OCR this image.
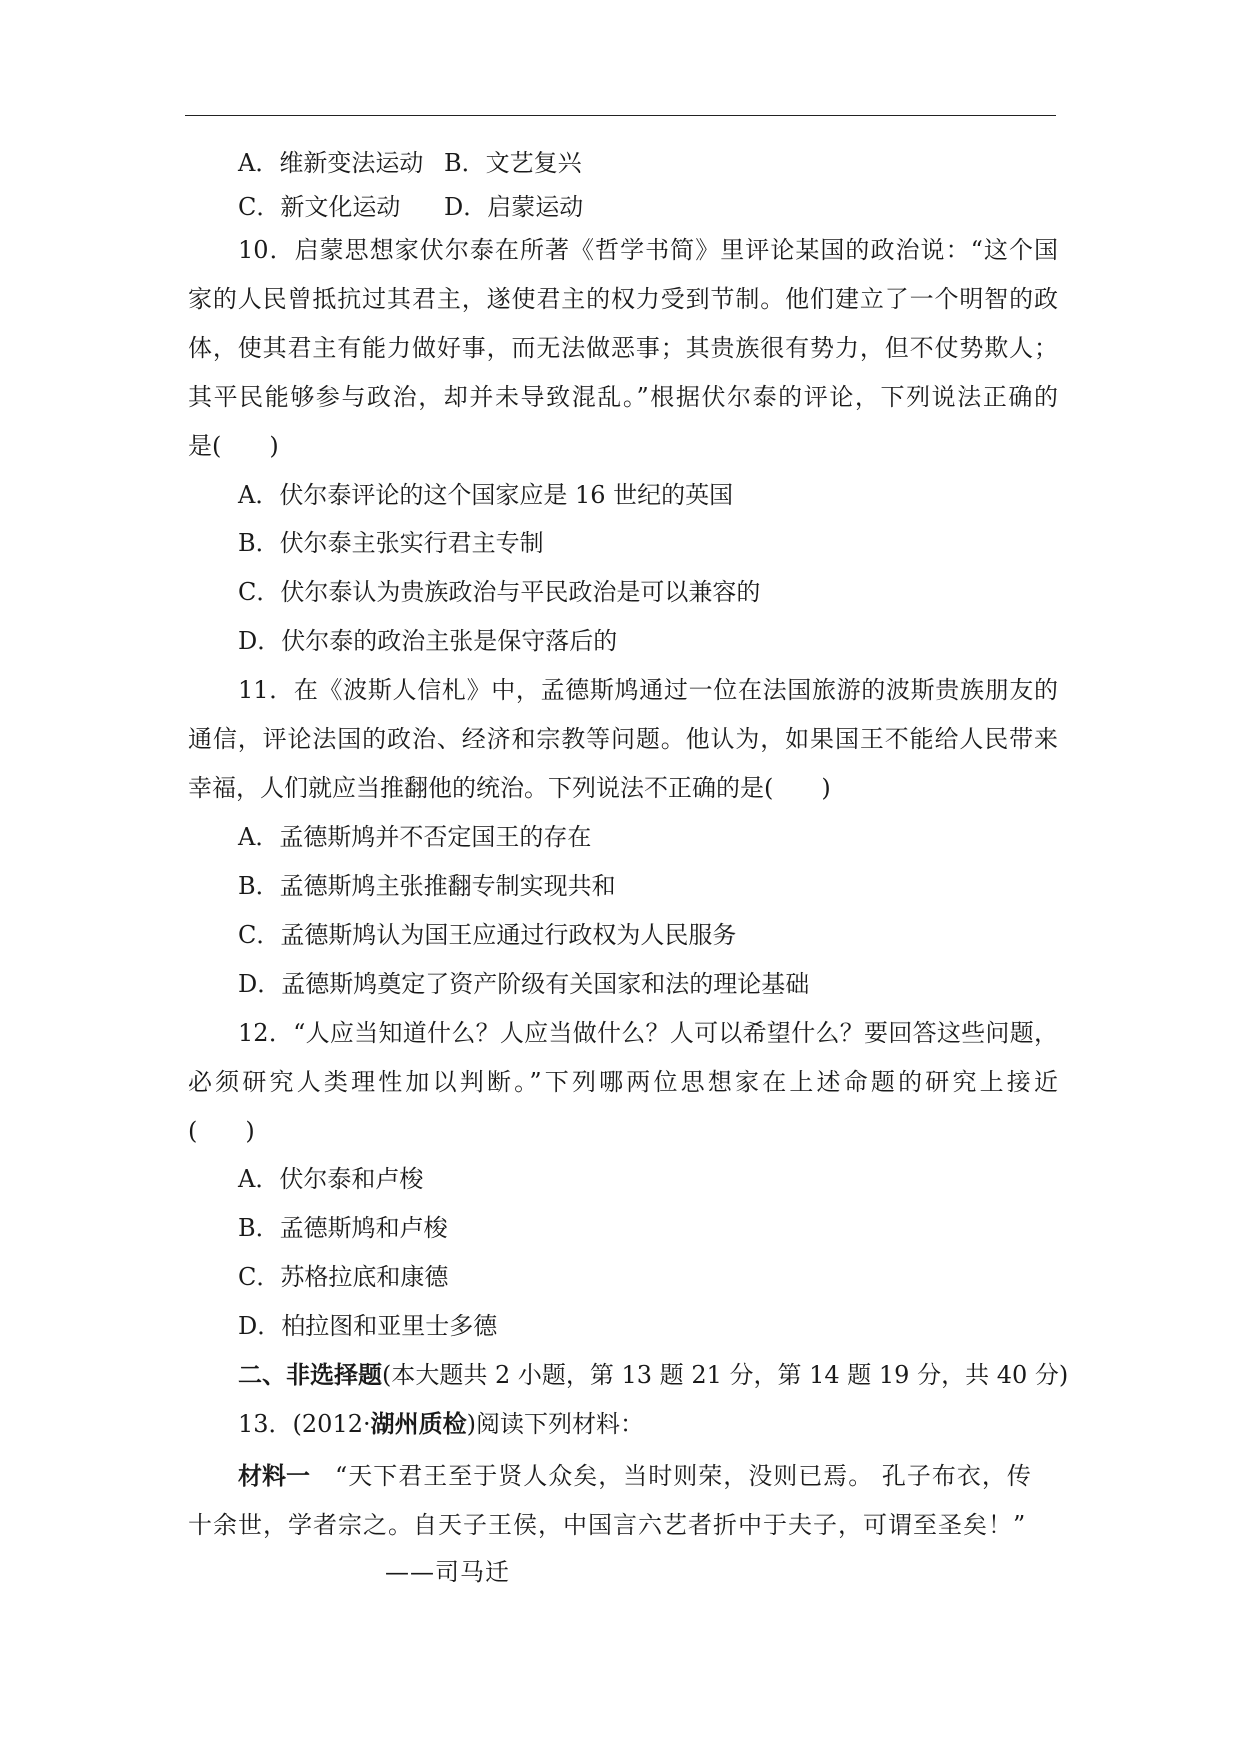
A．维新变法运动 B．文艺复兴
C．新文化运动 D．启蒙运动
10．启蒙思想家伏尔泰在所著《哲学书简》里评论某国的政治说：“这个国
家的人民曾抵抗过其君主，遂使君主的权力受到节制。他们建立了一个明智的政
体，使其君主有能力做好事，而无法做恶事；其贵族很有势力，但不仗势欺人；
其平民能够参与政治，却并未导致混乱。”根据伏尔泰的评论，下列说法正确的
是(　　)
A．伏尔泰评论的这个国家应是 16 世纪的英国
B．伏尔泰主张实行君主专制
C．伏尔泰认为贵族政治与平民政治是可以兼容的
D．伏尔泰的政治主张是保守落后的
11．在《波斯人信札》中，孟德斯鸠通过一位在法国旅游的波斯贵族朋友的
通信，评论法国的政治、经济和宗教等问题。他认为，如果国王不能给人民带来
幸福，人们就应当推翻他的统治。下列说法不正确的是(　　)
A．孟德斯鸠并不否定国王的存在
B．孟德斯鸠主张推翻专制实现共和
C．孟德斯鸠认为国王应通过行政权为人民服务
D．孟德斯鸠奠定了资产阶级有关国家和法的理论基础
12．“人应当知道什么？人应当做什么？人可以希望什么？要回答这些问题，
必须研究人类理性加以判断。”下列哪两位思想家在上述命题的研究上接近
(　　)
A．伏尔泰和卢梭
B．孟德斯鸠和卢梭
C．苏格拉底和康德
D．柏拉图和亚里士多德
二、非选择题(本大题共 2 小题，第 13 题 21 分，第 14 题 19 分，共 40 分)
13．(2012·湖州质检)阅读下列材料：
材料一　“天下君王至于贤人众矣，当时则荣，没则已焉。 孔子布衣，传
十余世，学者宗之。自天子王侯，中国言六艺者折中于夫子，可谓至圣矣！”
——司马迁
